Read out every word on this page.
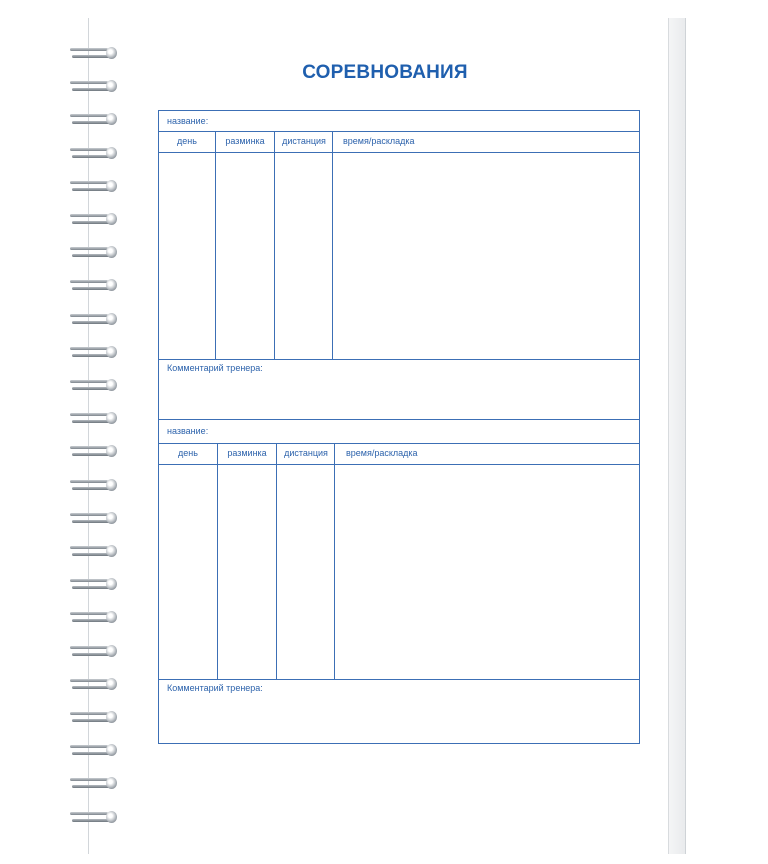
СОРЕВНОВАНИЯ
название:
день	разминка	дистанция	время/раскладка
Комментарий тренера:
название:
день	разминка	дистанция	время/раскладка
Комментарий тренера:
